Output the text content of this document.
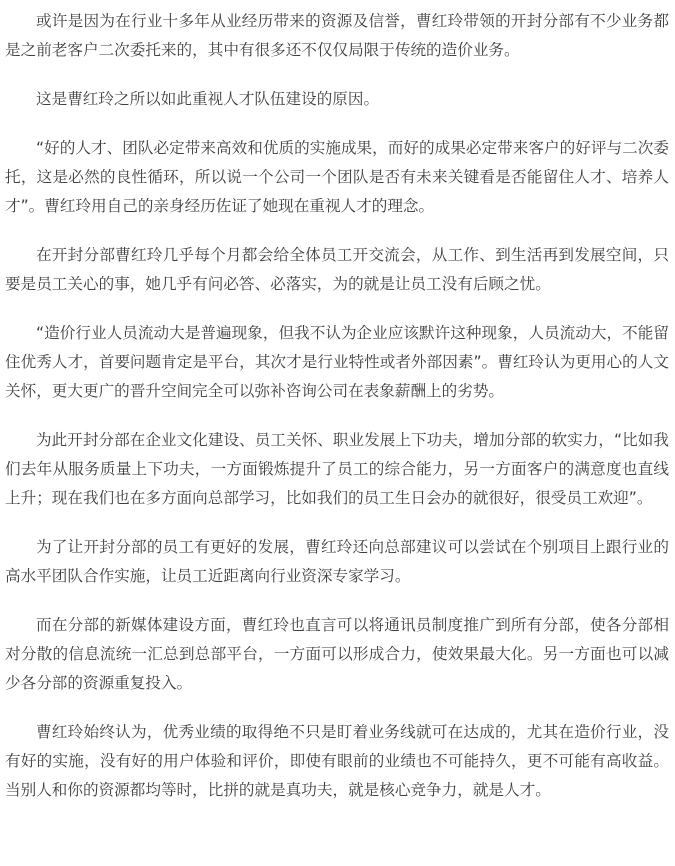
或许是因为在行业十多年从业经历带来的资源及信誉，曹红玲带领的开封分部有不少业务都是之前老客户二次委托来的，其中有很多还不仅仅局限于传统的造价业务。

这是曹红玲之所以如此重视人才队伍建设的原因。

“好的人才、团队必定带来高效和优质的实施成果，而好的成果必定带来客户的好评与二次委托，这是必然的良性循环，所以说一个公司一个团队是否有未来关键看是否能留住人才、培养人才”。曹红玲用自己的亲身经历佐证了她现在重视人才的理念。

在开封分部曹红玲几乎每个月都会给全体员工开交流会，从工作、到生活再到发展空间，只要是员工关心的事，她几乎有问必答、必落实，为的就是让员工没有后顾之忧。

“造价行业人员流动大是普遍现象，但我不认为企业应该默许这种现象，人员流动大，不能留住优秀人才，首要问题肯定是平台，其次才是行业特性或者外部因素”。曹红玲认为更用心的人文关怀，更大更广的晋升空间完全可以弥补咨询公司在表象薪酬上的劣势。

为此开封分部在企业文化建设、员工关怀、职业发展上下功夫，增加分部的软实力，“比如我们去年从服务质量上下功夫，一方面锻炼提升了员工的综合能力，另一方面客户的满意度也直线上升；现在我们也在多方面向总部学习，比如我们的员工生日会办的就很好，很受员工欢迎”。

为了让开封分部的员工有更好的发展，曹红玲还向总部建议可以尝试在个别项目上跟行业的高水平团队合作实施，让员工近距离向行业资深专家学习。

而在分部的新媒体建设方面，曹红玲也直言可以将通讯员制度推广到所有分部，使各分部相对分散的信息流统一汇总到总部平台，一方面可以形成合力，使效果最大化。另一方面也可以减少各分部的资源重复投入。

曹红玲始终认为，优秀业绩的取得绝不只是盯着业务线就可在达成的，尤其在造价行业，没有好的实施，没有好的用户体验和评价，即使有眼前的业绩也不可能持久，更不可能有高收益。当别人和你的资源都均等时，比拼的就是真功夫，就是核心竞争力，就是人才。
